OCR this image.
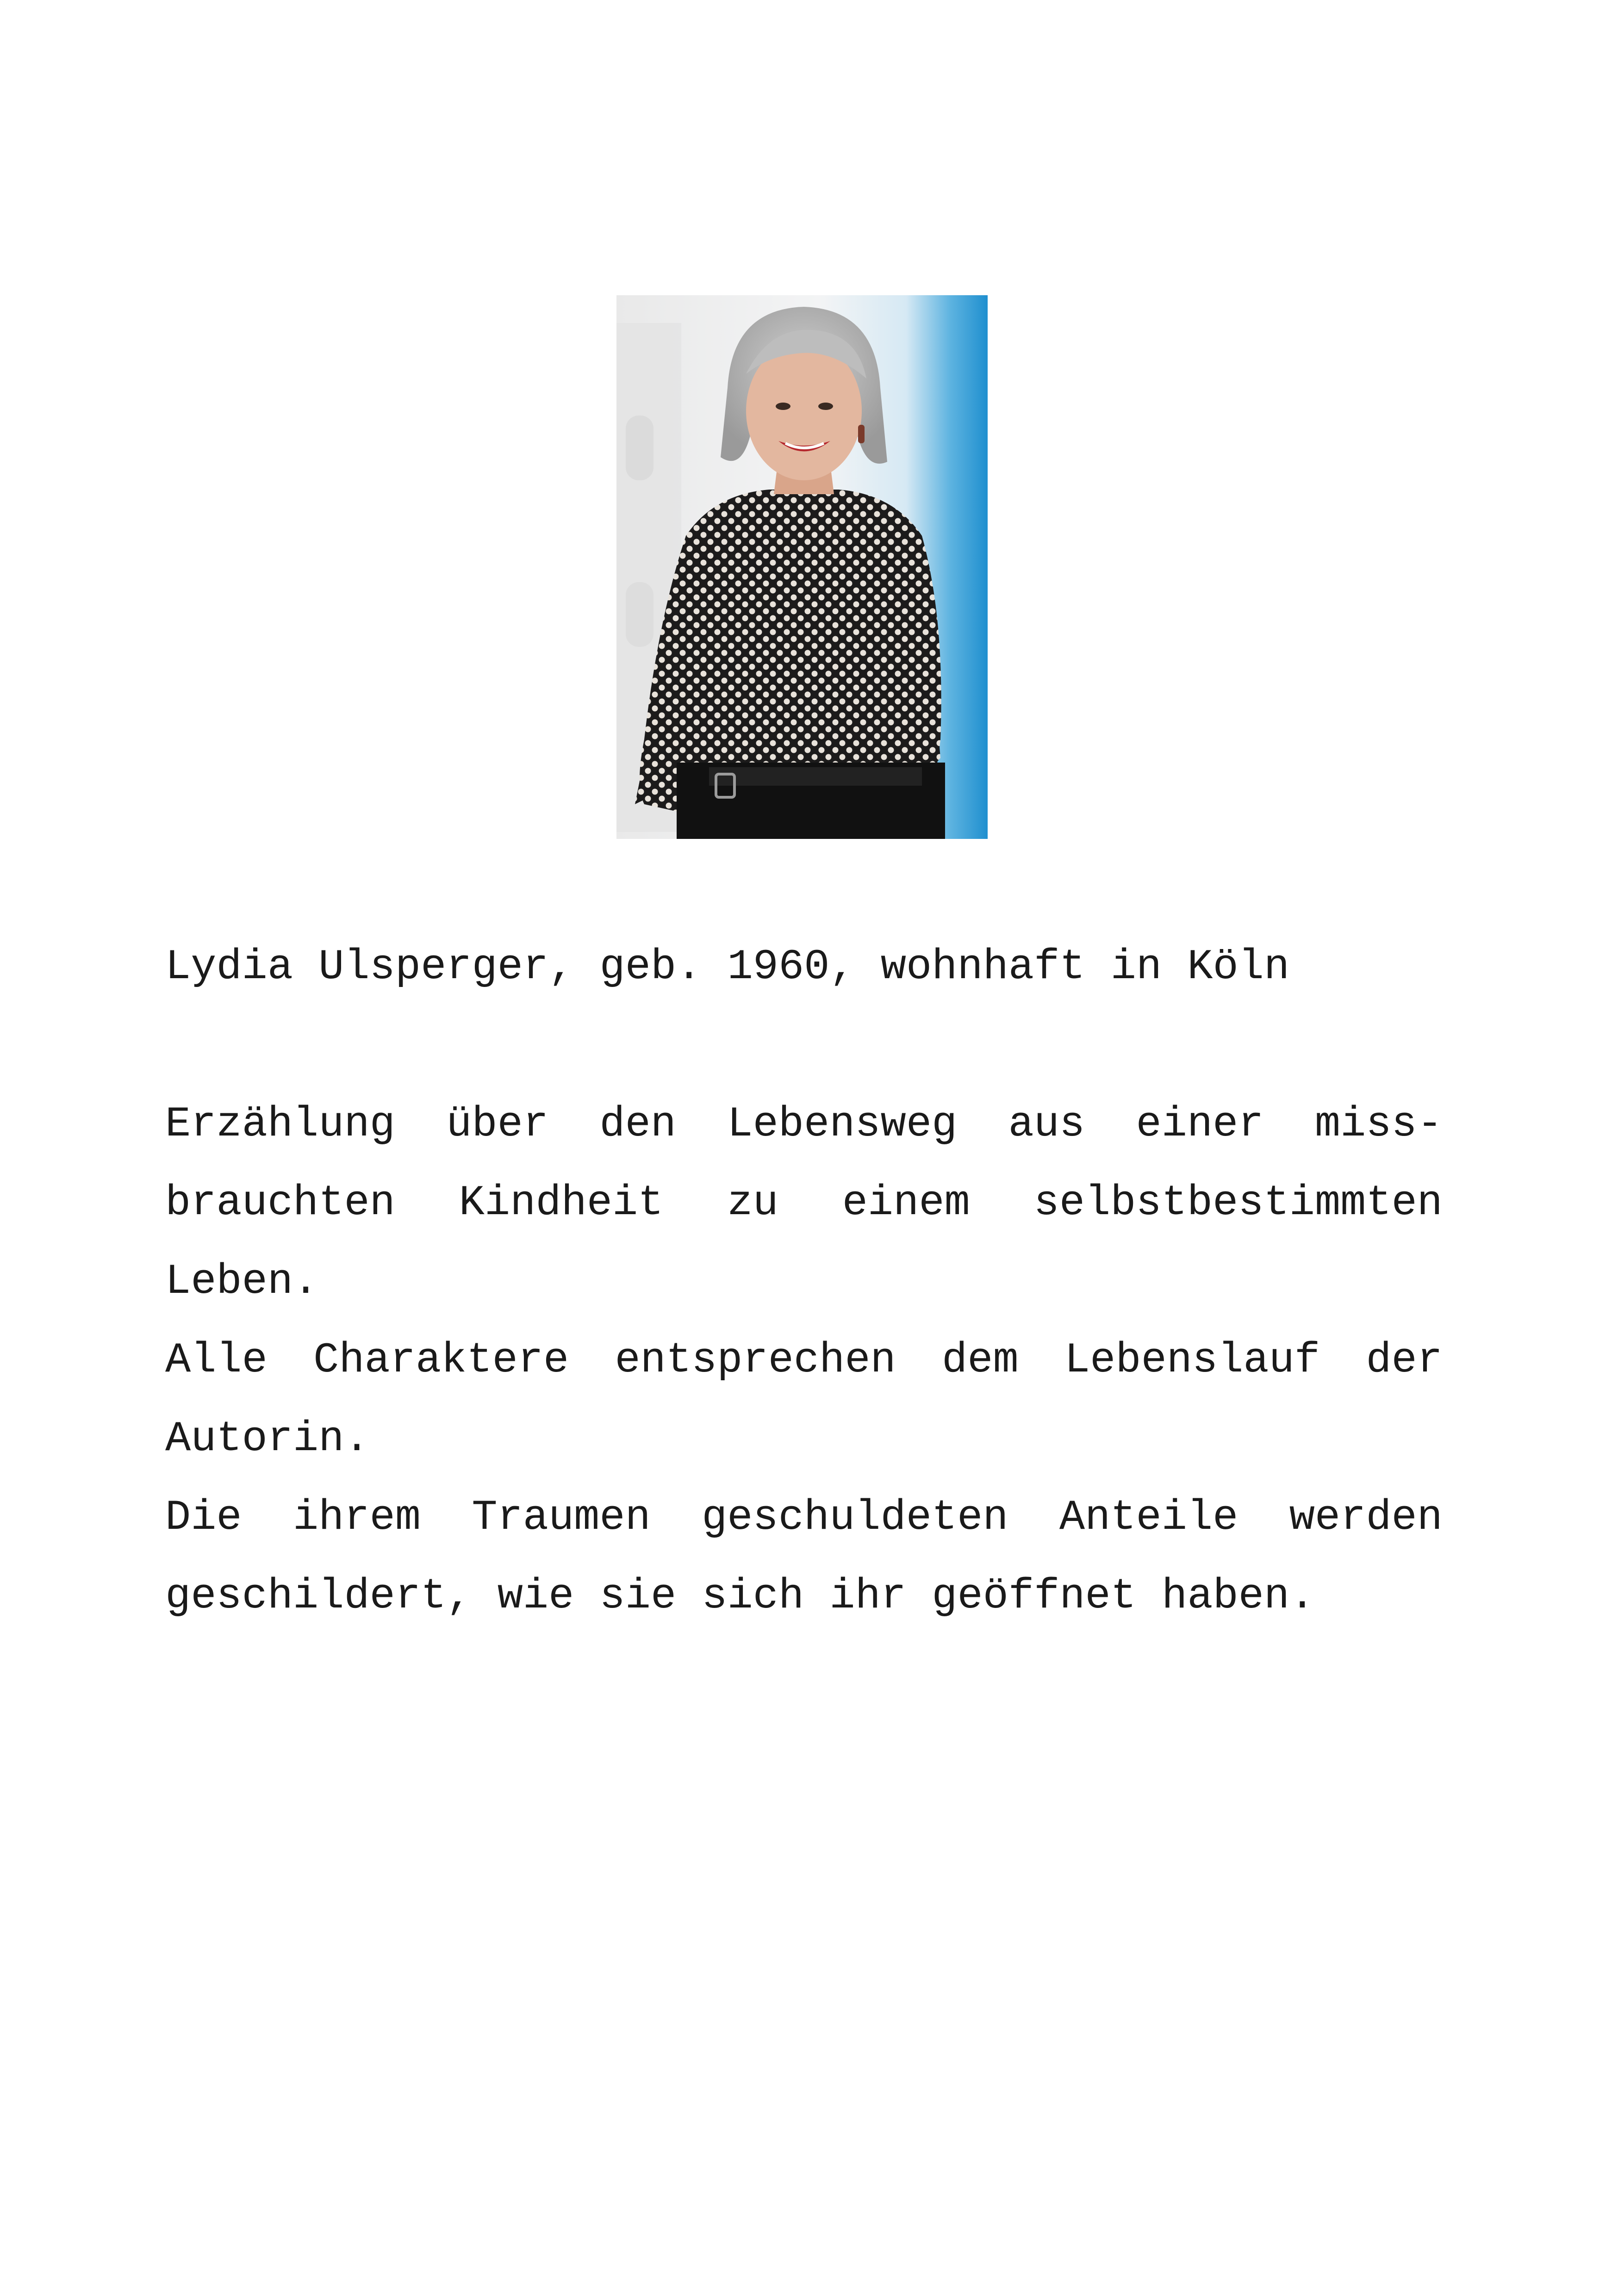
Lydia Ulsperger, geb. 1960, wohnhaft in Köln

Erzählung über den Lebensweg aus einer miss-
brauchten Kindheit zu einem selbstbestimmten
Leben.
Alle Charaktere entsprechen dem Lebenslauf der
Autorin.
Die ihrem Traumen geschuldeten Anteile werden
geschildert, wie sie sich ihr geöffnet haben.
